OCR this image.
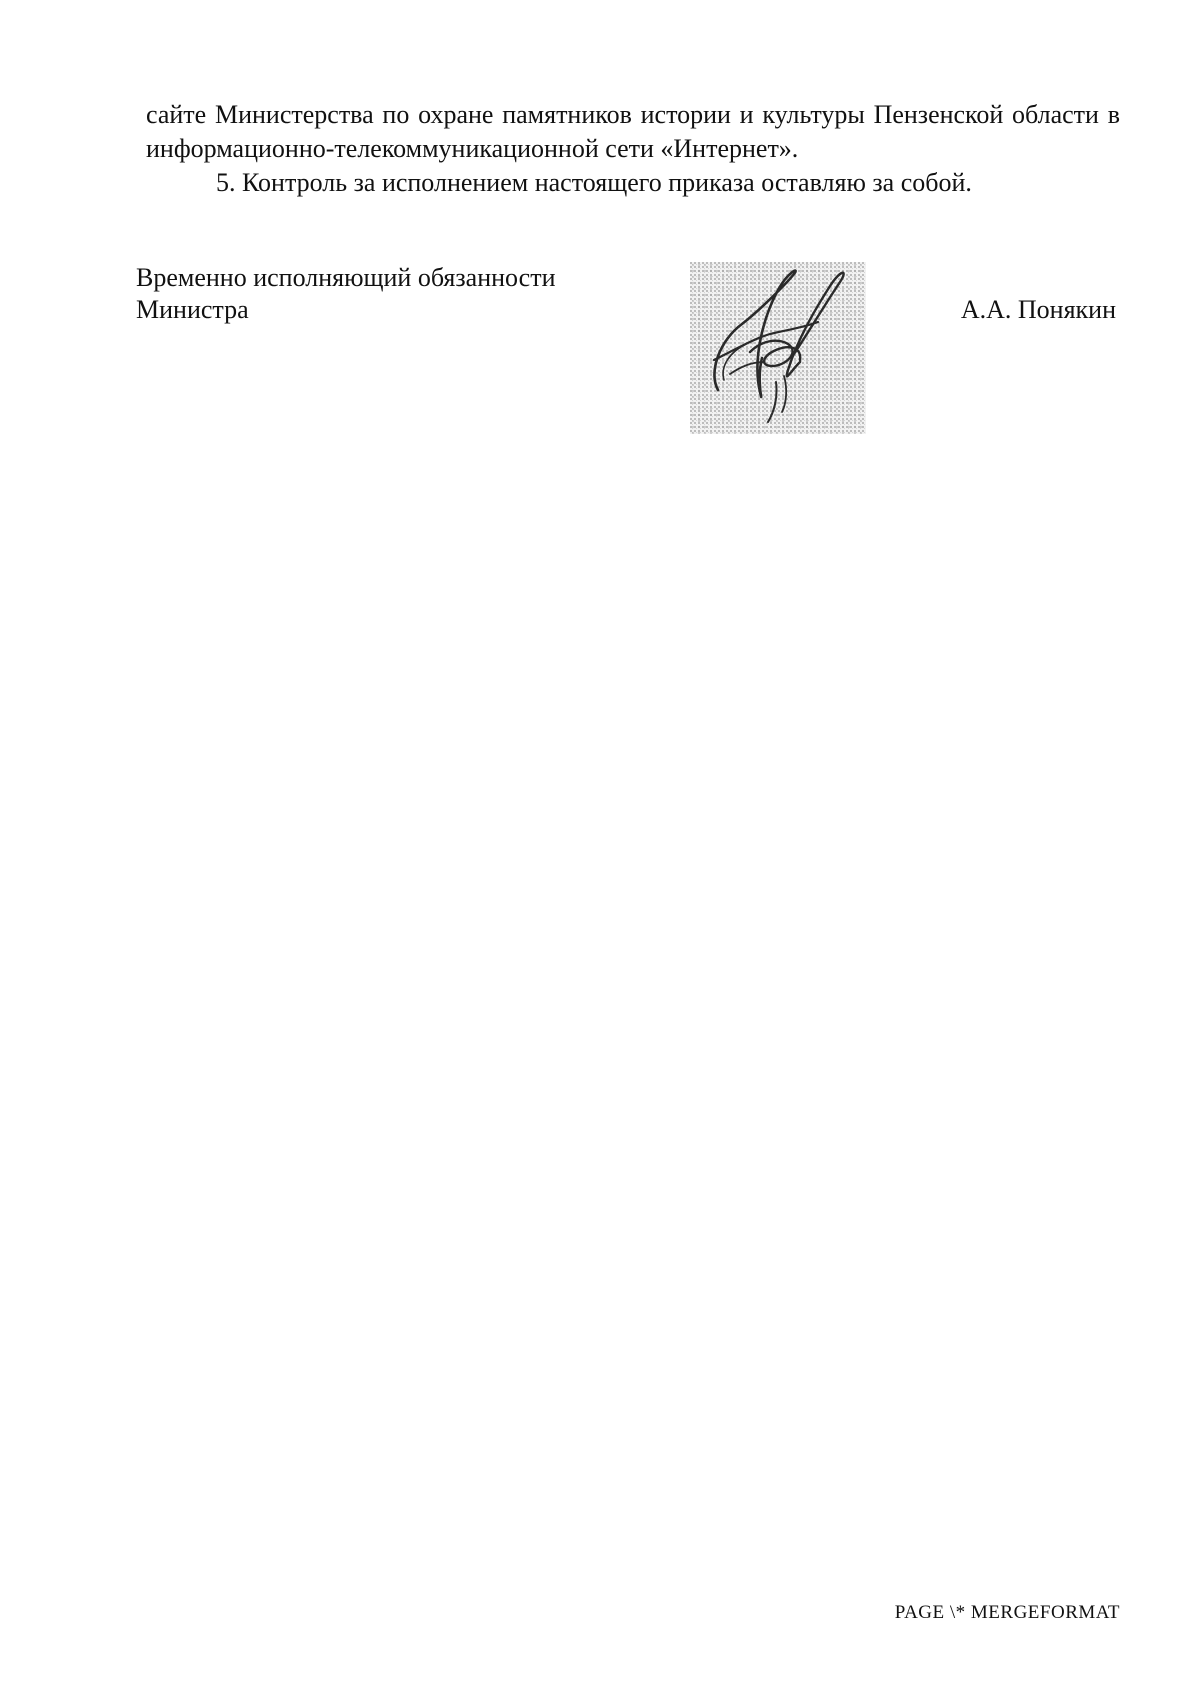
сайте Министерства по охране памятников истории и культуры Пензенской области в информационно-телекоммуникационной сети «Интернет».

5. Контроль за исполнением настоящего приказа оставляю за собой.

Временно исполняющий обязанности
Министра	А.А. Понякин
PAGE \* MERGEFORMAT
